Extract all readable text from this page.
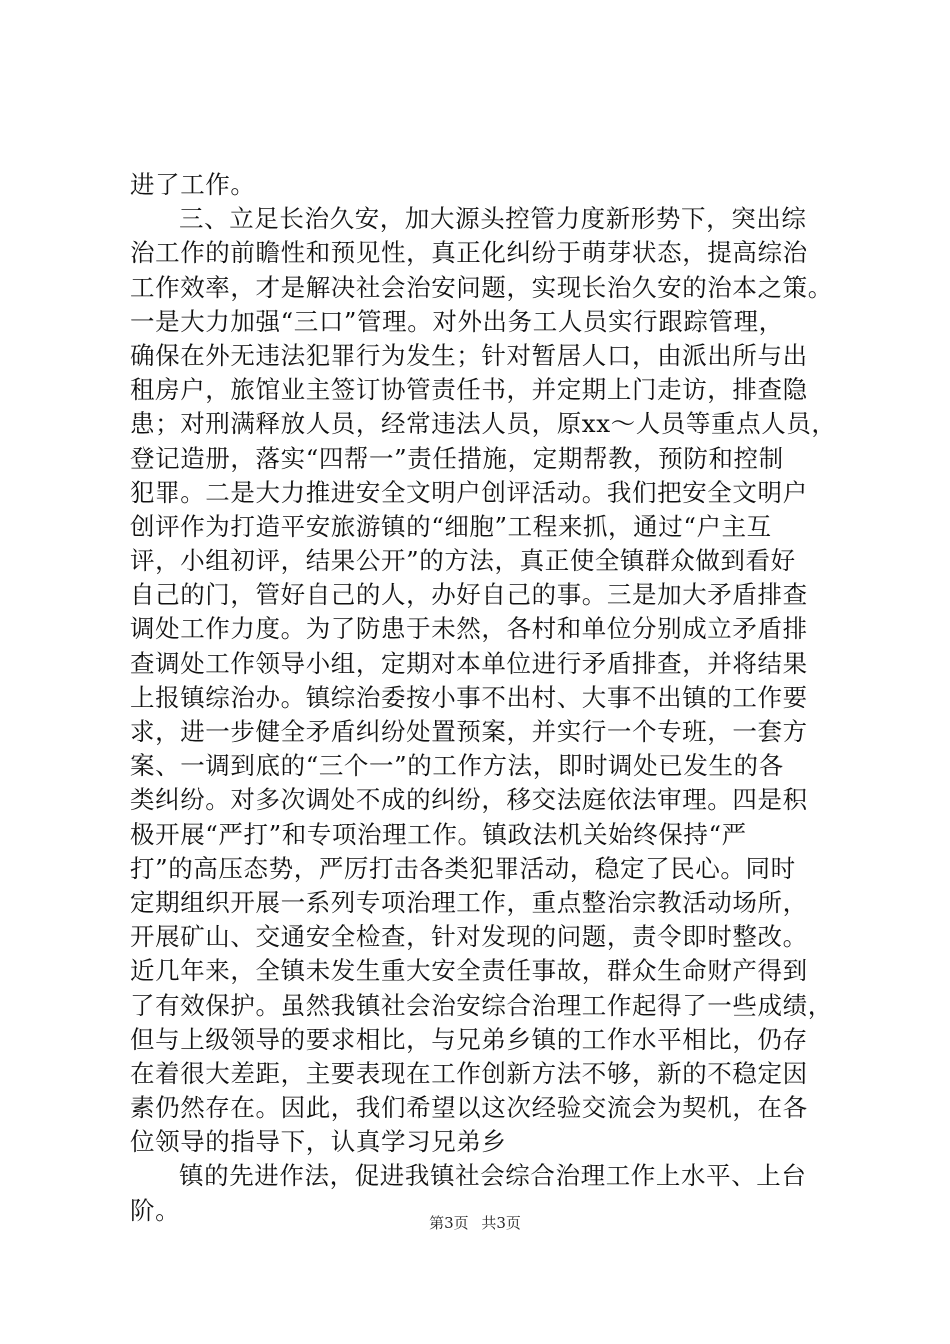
进了工作。
三、立足长治久安，加大源头控管力度新形势下，突出综
治工作的前瞻性和预见性，真正化纠纷于萌芽状态，提高综治
工作效率，才是解决社会治安问题，实现长治久安的治本之策。
一是大力加强“三口”管理。对外出务工人员实行跟踪管理，
确保在外无违法犯罪行为发生；针对暂居人口，由派出所与出
租房户，旅馆业主签订协管责任书，并定期上门走访，排查隐
患；对刑满释放人员，经常违法人员，原xx～人员等重点人员，
登记造册，落实“四帮一”责任措施，定期帮教，预防和控制
犯罪。二是大力推进安全文明户创评活动。我们把安全文明户
创评作为打造平安旅游镇的“细胞”工程来抓，通过“户主互
评，小组初评，结果公开”的方法，真正使全镇群众做到看好
自己的门，管好自己的人，办好自己的事。三是加大矛盾排查
调处工作力度。为了防患于未然，各村和单位分别成立矛盾排
查调处工作领导小组，定期对本单位进行矛盾排查，并将结果
上报镇综治办。镇综治委按小事不出村、大事不出镇的工作要
求，进一步健全矛盾纠纷处置预案，并实行一个专班，一套方
案、一调到底的“三个一”的工作方法，即时调处已发生的各
类纠纷。对多次调处不成的纠纷，移交法庭依法审理。四是积
极开展“严打”和专项治理工作。镇政法机关始终保持“严
打”的高压态势，严厉打击各类犯罪活动，稳定了民心。同时
定期组织开展一系列专项治理工作，重点整治宗教活动场所，
开展矿山、交通安全检查，针对发现的问题，责令即时整改。
近几年来，全镇未发生重大安全责任事故，群众生命财产得到
了有效保护。虽然我镇社会治安综合治理工作起得了一些成绩，
但与上级领导的要求相比，与兄弟乡镇的工作水平相比，仍存
在着很大差距，主要表现在工作创新方法不够，新的不稳定因
素仍然存在。因此，我们希望以这次经验交流会为契机，在各
位领导的指导下，认真学习兄弟乡
镇的先进作法，促进我镇社会综合治理工作上水平、上台
阶。	第3页 共3页
